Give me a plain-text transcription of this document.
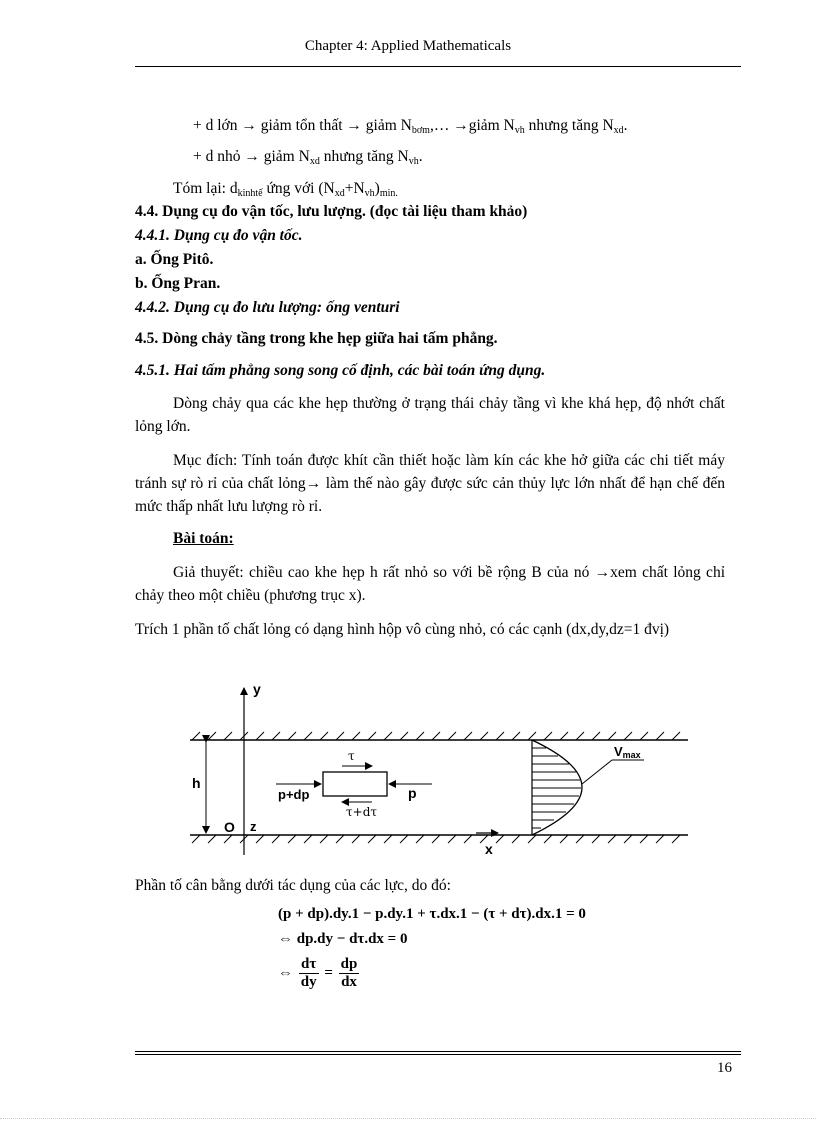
Chapter 4: Applied Mathematicals
+ d lớn → giảm tổn thất → giảm $N_{bơm},\dots$ →giảm $N_{vh}$ nhưng tăng $N_{xd}$.
+ d nhỏ → giảm $N_{xd}$ nhưng tăng $N_{vh}$.
Tóm lại: $d_{kinhtế}$ ứng với $(N_{xd}+N_{vh})_{min.}$
4.4. Dụng cụ đo vận tốc, lưu lượng. (đọc tài liệu tham khảo)
4.4.1. Dụng cụ đo vận tốc.
a. Ống Pitô.
b. Ống Pran.
4.4.2. Dụng cụ đo lưu lượng: ống venturi
4.5. Dòng chảy tầng trong khe hẹp giữa hai tấm phẳng.
4.5.1. Hai tấm phẳng song song cố định, các bài toán ứng dụng.
Dòng chảy qua các khe hẹp thường ở trạng thái chảy tầng vì khe khá hẹp, độ nhớt chất lỏng lớn.
Mục đích: Tính toán được khít cần thiết hoặc làm kín các khe hở giữa các chi tiết máy tránh sự rò rỉ của chất lỏng→ làm thế nào gây được sức cản thủy lực lớn nhất để hạn chế đến mức thấp nhất lưu lượng rò rỉ.
Bài toán:
Giả thuyết: chiều cao khe hẹp h rất nhỏ so với bề rộng B của nó →xem chất lỏng chỉ chảy theo một chiều (phương trục x).
Trích 1 phần tố chất lỏng có dạng hình hộp vô cùng nhỏ, có các cạnh (dx,dy,dz=1 đvị)
y
h
O z
x
τ
τ+dτ
p+dp	p
Vmax
Phần tố cân bằng dưới tác dụng của các lực, do đó:
(p + dp).dy.1 − p.dy.1 + τ.dx.1 − (τ + dτ).dx.1 = 0
⇔ dp.dy − dτ.dx = 0
⇔ $\frac{d\tau}{dy} = \frac{dp}{dx}$
16
